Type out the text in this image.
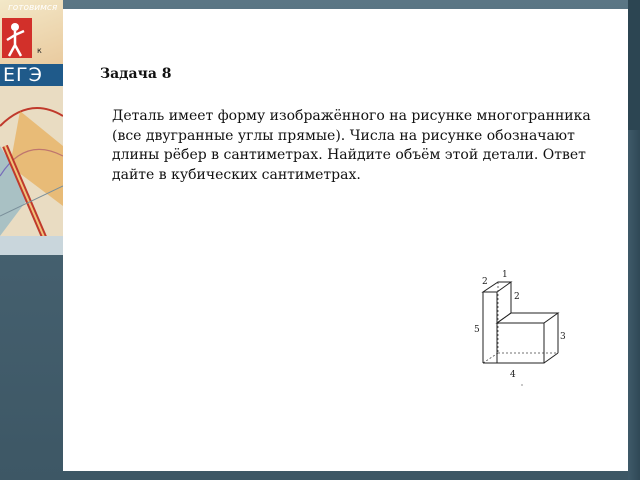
готовимся
к
ЕГЭ	Задача 8
Деталь имеет форму изображённого на рисунке многогранника (все двугранные углы прямые). Числа на рисунке обозначают длины рёбер в сантиметрах. Найдите объём этой детали. Ответ дайте в кубических сантиметрах.
1
2
2
5
3
4
